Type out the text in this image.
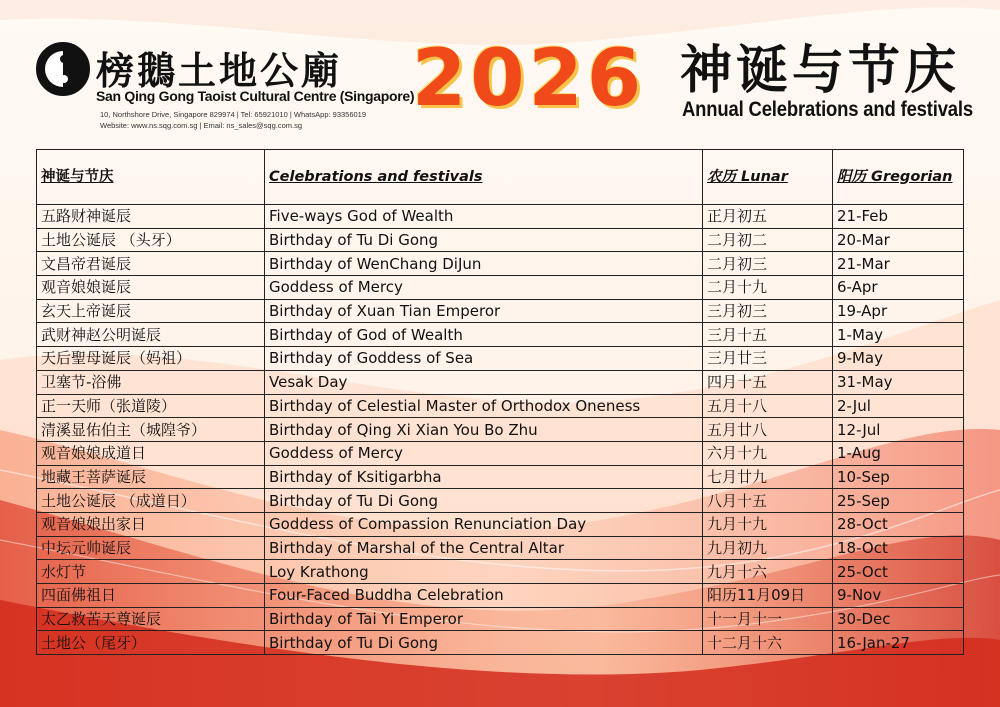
榜鵝土地公廟
San Qing Gong Taoist Cultural Centre (Singapore)
10, Northshore Drive, Singapore 829974 | Tel: 65921010 | WhatsApp: 93356019
Website: www.ns.sqg.com.sg | Email: ns_sales@sqg.com.sg
2026 神诞与节庆
Annual Celebrations and festivals
神诞与节庆	Celebrations and festivals	农历 Lunar	阳历 Gregorian
五路财神诞辰	Five-ways God of Wealth	正月初五	21-Feb
土地公诞辰 （头牙）	Birthday of Tu Di Gong	二月初二	20-Mar
文昌帝君诞辰	Birthday of WenChang DiJun	二月初三	21-Mar
观音娘娘诞辰	Goddess of Mercy	二月十九	6-Apr
玄天上帝诞辰	Birthday of Xuan Tian Emperor	三月初三	19-Apr
武财神赵公明诞辰	Birthday of God of Wealth	三月十五	1-May
天后聖母诞辰（妈祖）	Birthday of Goddess of Sea	三月廿三	9-May
卫塞节-浴佛	Vesak Day	四月十五	31-May
正一天师（张道陵）	Birthday of Celestial Master of Orthodox Oneness	五月十八	2-Jul
清溪显佑伯主（城隍爷）	Birthday of Qing Xi Xian You Bo Zhu	五月廿八	12-Jul
观音娘娘成道日	Goddess of Mercy	六月十九	1-Aug
地藏王菩萨诞辰	Birthday of Ksitigarbha	七月廿九	10-Sep
土地公诞辰 （成道日）	Birthday of Tu Di Gong	八月十五	25-Sep
观音娘娘出家日	Goddess of Compassion Renunciation Day	九月十九	28-Oct
中坛元帅诞辰	Birthday of Marshal of the Central Altar	九月初九	18-Oct
水灯节	Loy Krathong	九月十六	25-Oct
四面佛祖日	Four-Faced Buddha Celebration	阳历11月09日	9-Nov
太乙救苦天尊诞辰	Birthday of Tai Yi Emperor	十一月十一	30-Dec
土地公（尾牙）	Birthday of Tu Di Gong	十二月十六	16-Jan-27
